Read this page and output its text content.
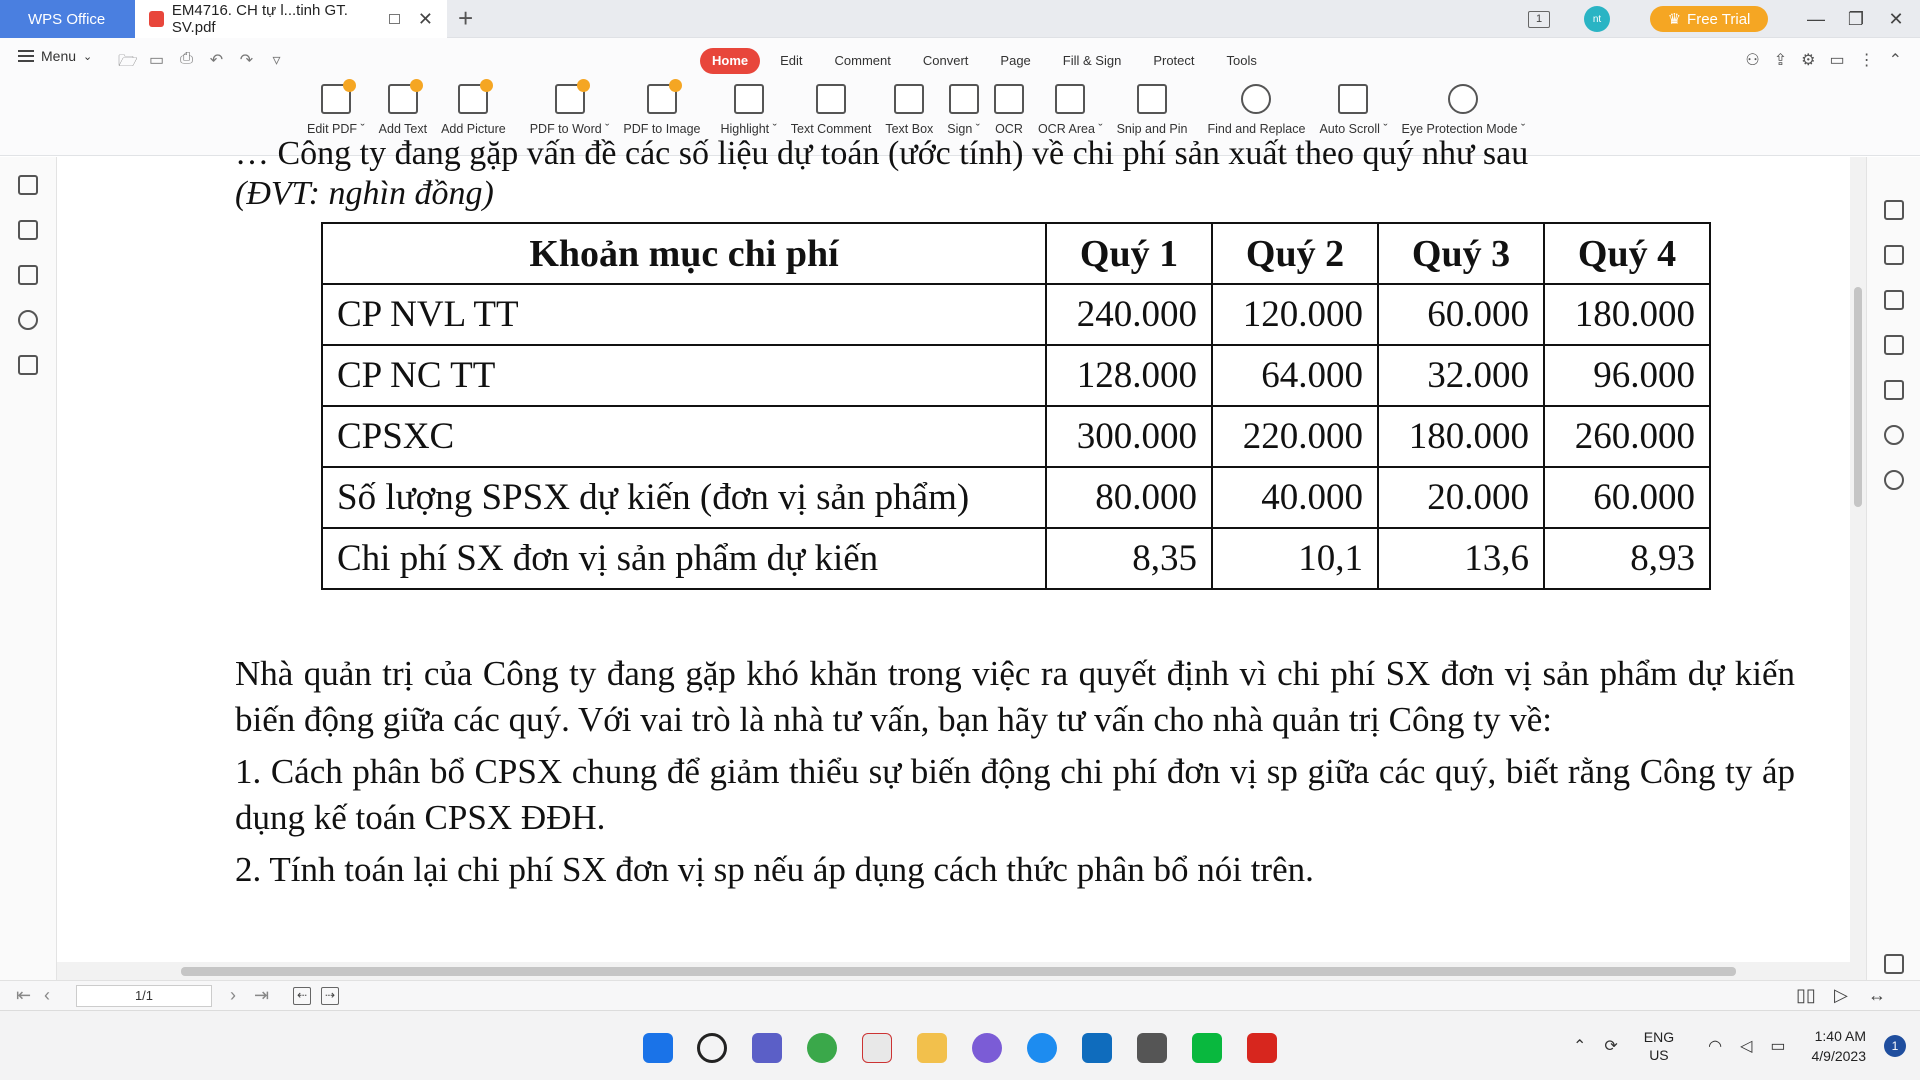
WPS Office	EM4716. CH tự l...tinh GT. SV.pdf	✕ +	1	nt	♛ Free Trial	—	❐	✕
Menu ⌄ 🗁 ▭ ⎙ ↶ ↷ ▿	Home	Edit	Comment	Convert	Page	Fill & Sign	Protect	Tools	⚇ ⇪ ⚙ ▭ ⋮ ⌃
Edit PDF ˇ Add Text Add Picture PDF to Word ˇ PDF to Image Highlight ˇ Text Comment Text Box Sign ˇ OCR OCR Area ˇ Snip and Pin Find and Replace Auto Scroll ˇ Eye Protection Mode ˇ
… Công ty đang gặp vấn đề các số liệu dự toán (ước tính) về chi phí sản xuất theo quý như sau
(ĐVT: nghìn đồng)
Khoản mục chi phí	Quý 1	Quý 2	Quý 3	Quý 4
CP NVL TT	240.000	120.000	60.000	180.000
CP NC TT	128.000	64.000	32.000	96.000
CPSXC	300.000	220.000	180.000	260.000
Số lượng SPSX dự kiến (đơn vị sản phẩm)	80.000	40.000	20.000	60.000
Chi phí SX đơn vị sản phẩm dự kiến	8,35	10,1	13,6	8,93

Nhà quản trị của Công ty đang gặp khó khăn trong việc ra quyết định vì chi phí SX đơn vị sản phẩm dự kiến biến động giữa các quý. Với vai trò là nhà tư vấn, bạn hãy tư vấn cho nhà quản trị Công ty về:

1. Cách phân bổ CPSX chung để giảm thiểu sự biến động chi phí đơn vị sp giữa các quý, biết rằng Công ty áp dụng kế toán CPSX ĐĐH.

2. Tính toán lại chi phí SX đơn vị sp nếu áp dụng cách thức phân bổ nói trên.

⇤ ‹	1/1	› ⇥	⇠	⇢	▯▯ ▷ ↔
⌃ ⟳
ENG
US	◠ ◁ ▭
1:40 AM
4/9/2023
1
